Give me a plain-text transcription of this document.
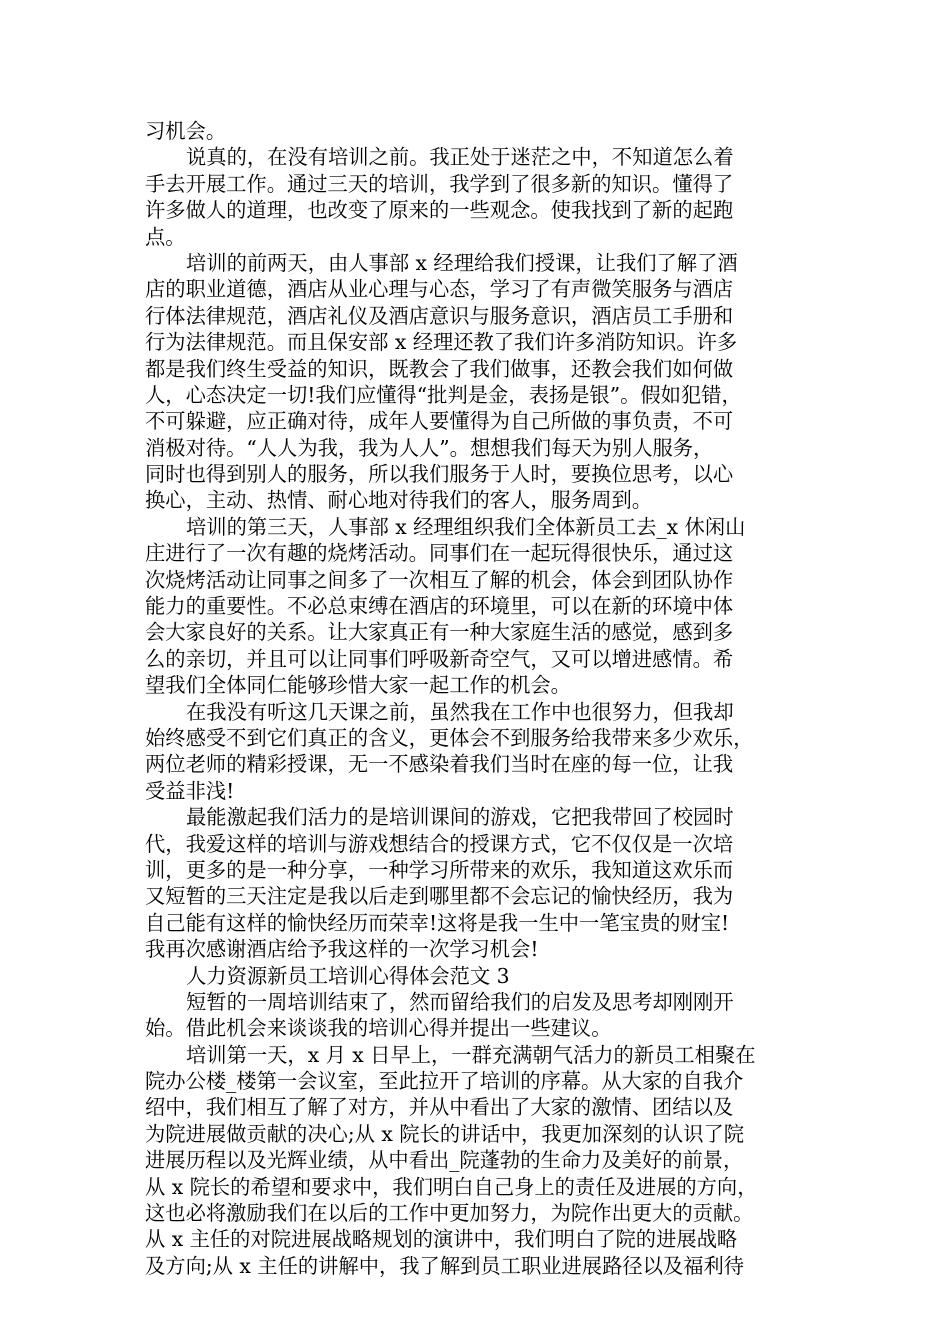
习机会。
说真的，在没有培训之前。我正处于迷茫之中，不知道怎么着
手去开展工作。通过三天的培训，我学到了很多新的知识。懂得了
许多做人的道理，也改变了原来的一些观念。使我找到了新的起跑
点。
培训的前两天，由人事部 x 经理给我们授课，让我们了解了酒
店的职业道德，酒店从业心理与心态，学习了有声微笑服务与酒店
行体法律规范，酒店礼仪及酒店意识与服务意识，酒店员工手册和
行为法律规范。而且保安部 x 经理还教了我们许多消防知识。许多
都是我们终生受益的知识，既教会了我们做事，还教会我们如何做
人，心态决定一切!我们应懂得“批判是金，表扬是银”。假如犯错，
不可躲避，应正确对待，成年人要懂得为自己所做的事负责，不可
消极对待。“人人为我，我为人人”。想想我们每天为别人服务，
同时也得到别人的服务，所以我们服务于人时，要换位思考，以心
换心，主动、热情、耐心地对待我们的客人，服务周到。
培训的第三天，人事部 x 经理组织我们全体新员工去_x 休闲山
庄进行了一次有趣的烧烤活动。同事们在一起玩得很快乐，通过这
次烧烤活动让同事之间多了一次相互了解的机会，体会到团队协作
能力的重要性。不必总束缚在酒店的环境里，可以在新的环境中体
会大家良好的关系。让大家真正有一种大家庭生活的感觉，感到多
么的亲切，并且可以让同事们呼吸新奇空气，又可以增进感情。希
望我们全体同仁能够珍惜大家一起工作的机会。
在我没有听这几天课之前，虽然我在工作中也很努力，但我却
始终感受不到它们真正的含义，更体会不到服务给我带来多少欢乐，
两位老师的精彩授课，无一不感染着我们当时在座的每一位，让我
受益非浅!
最能激起我们活力的是培训课间的游戏，它把我带回了校园时
代，我爱这样的培训与游戏想结合的授课方式，它不仅仅是一次培
训，更多的是一种分享，一种学习所带来的欢乐，我知道这欢乐而
又短暂的三天注定是我以后走到哪里都不会忘记的愉快经历，我为
自己能有这样的愉快经历而荣幸!这将是我一生中一笔宝贵的财宝!
我再次感谢酒店给予我这样的一次学习机会!
人力资源新员工培训心得体会范文 3
短暂的一周培训结束了，然而留给我们的启发及思考却刚刚开
始。借此机会来谈谈我的培训心得并提出一些建议。
培训第一天，x 月 x 日早上，一群充满朝气活力的新员工相聚在
院办公楼_楼第一会议室，至此拉开了培训的序幕。从大家的自我介
绍中，我们相互了解了对方，并从中看出了大家的激情、团结以及
为院进展做贡献的决心;从 x 院长的讲话中，我更加深刻的认识了院
进展历程以及光辉业绩，从中看出_院蓬勃的生命力及美好的前景，
从 x 院长的希望和要求中，我们明白自己身上的责任及进展的方向，
这也必将激励我们在以后的工作中更加努力，为院作出更大的贡献。
从 x 主任的对院进展战略规划的演讲中，我们明白了院的进展战略
及方向;从 x 主任的讲解中，我了解到员工职业进展路径以及福利待
